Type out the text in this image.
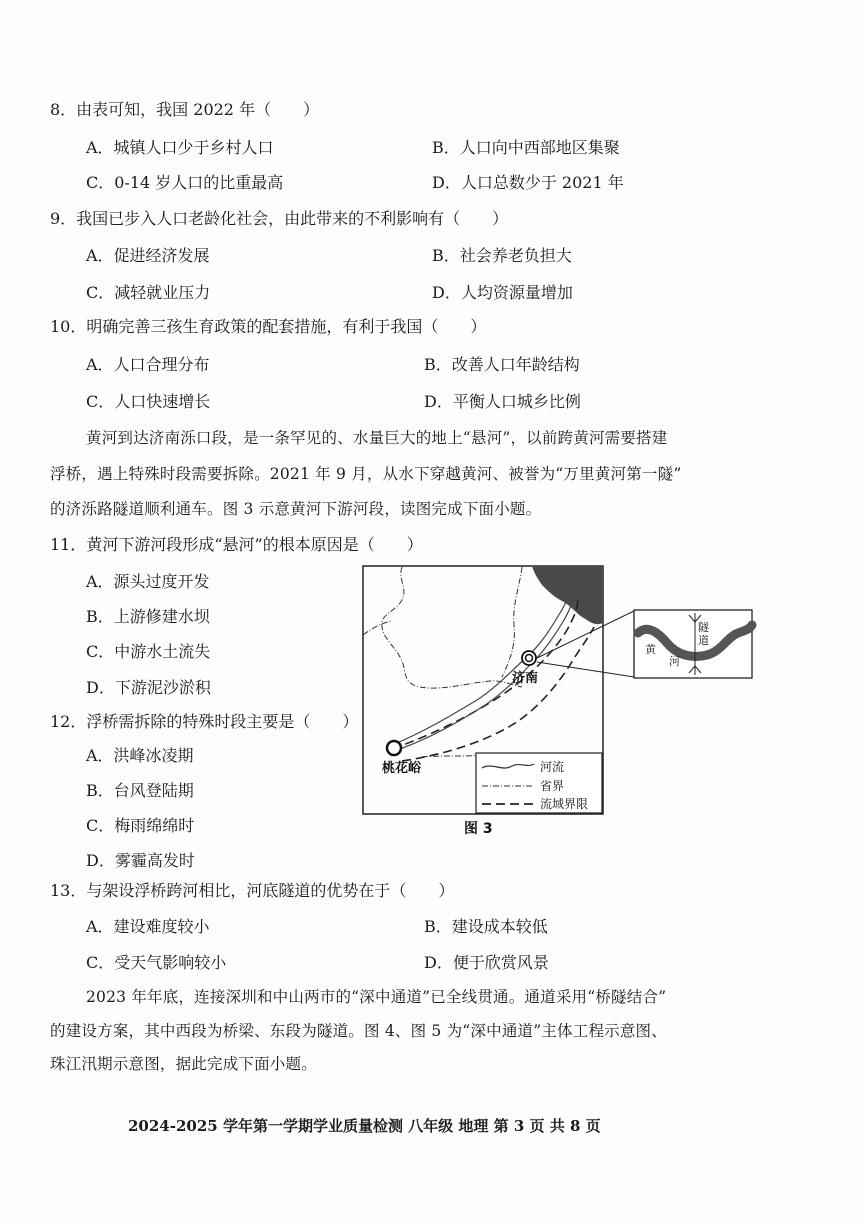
8．由表可知，我国 2022 年（　　）
A．城镇人口少于乡村人口	B．人口向中西部地区集聚
C．0-14 岁人口的比重最高	D．人口总数少于 2021 年
9．我国已步入人口老龄化社会，由此带来的不利影响有（　　）
A．促进经济发展	B．社会养老负担大
C．减轻就业压力	D．人均资源量增加
10．明确完善三孩生育政策的配套措施，有利于我国（　　）
A．人口合理分布	B．改善人口年龄结构
C．人口快速增长	D．平衡人口城乡比例
黄河到达济南泺口段，是一条罕见的、水量巨大的地上“悬河”，以前跨黄河需要搭建
浮桥，遇上特殊时段需要拆除。2021 年 9 月，从水下穿越黄河、被誉为“万里黄河第一隧”
的济泺路隧道顺利通车。图 3 示意黄河下游河段，读图完成下面小题。
11．黄河下游河段形成“悬河”的根本原因是（　　）
A．源头过度开发
B．上游修建水坝
C．中游水土流失
D．下游泥沙淤积
12．浮桥需拆除的特殊时段主要是（　　）
A．洪峰冰凌期
B．台风登陆期
C．梅雨绵绵时
D．雾霾高发时
济南
桃花峪
隧
道
黄
河
河流
省界
流域界限
图 3
13．与架设浮桥跨河相比，河底隧道的优势在于（　　）
A．建设难度较小	B．建设成本较低
C．受天气影响较小	D．便于欣赏风景
2023 年年底，连接深圳和中山两市的“深中通道”已全线贯通。通道采用“桥隧结合”
的建设方案，其中西段为桥梁、东段为隧道。图 4、图 5 为“深中通道”主体工程示意图、
珠江汛期示意图，据此完成下面小题。
2024-2025 学年第一学期学业质量检测 八年级 地理 第 3 页 共 8 页
